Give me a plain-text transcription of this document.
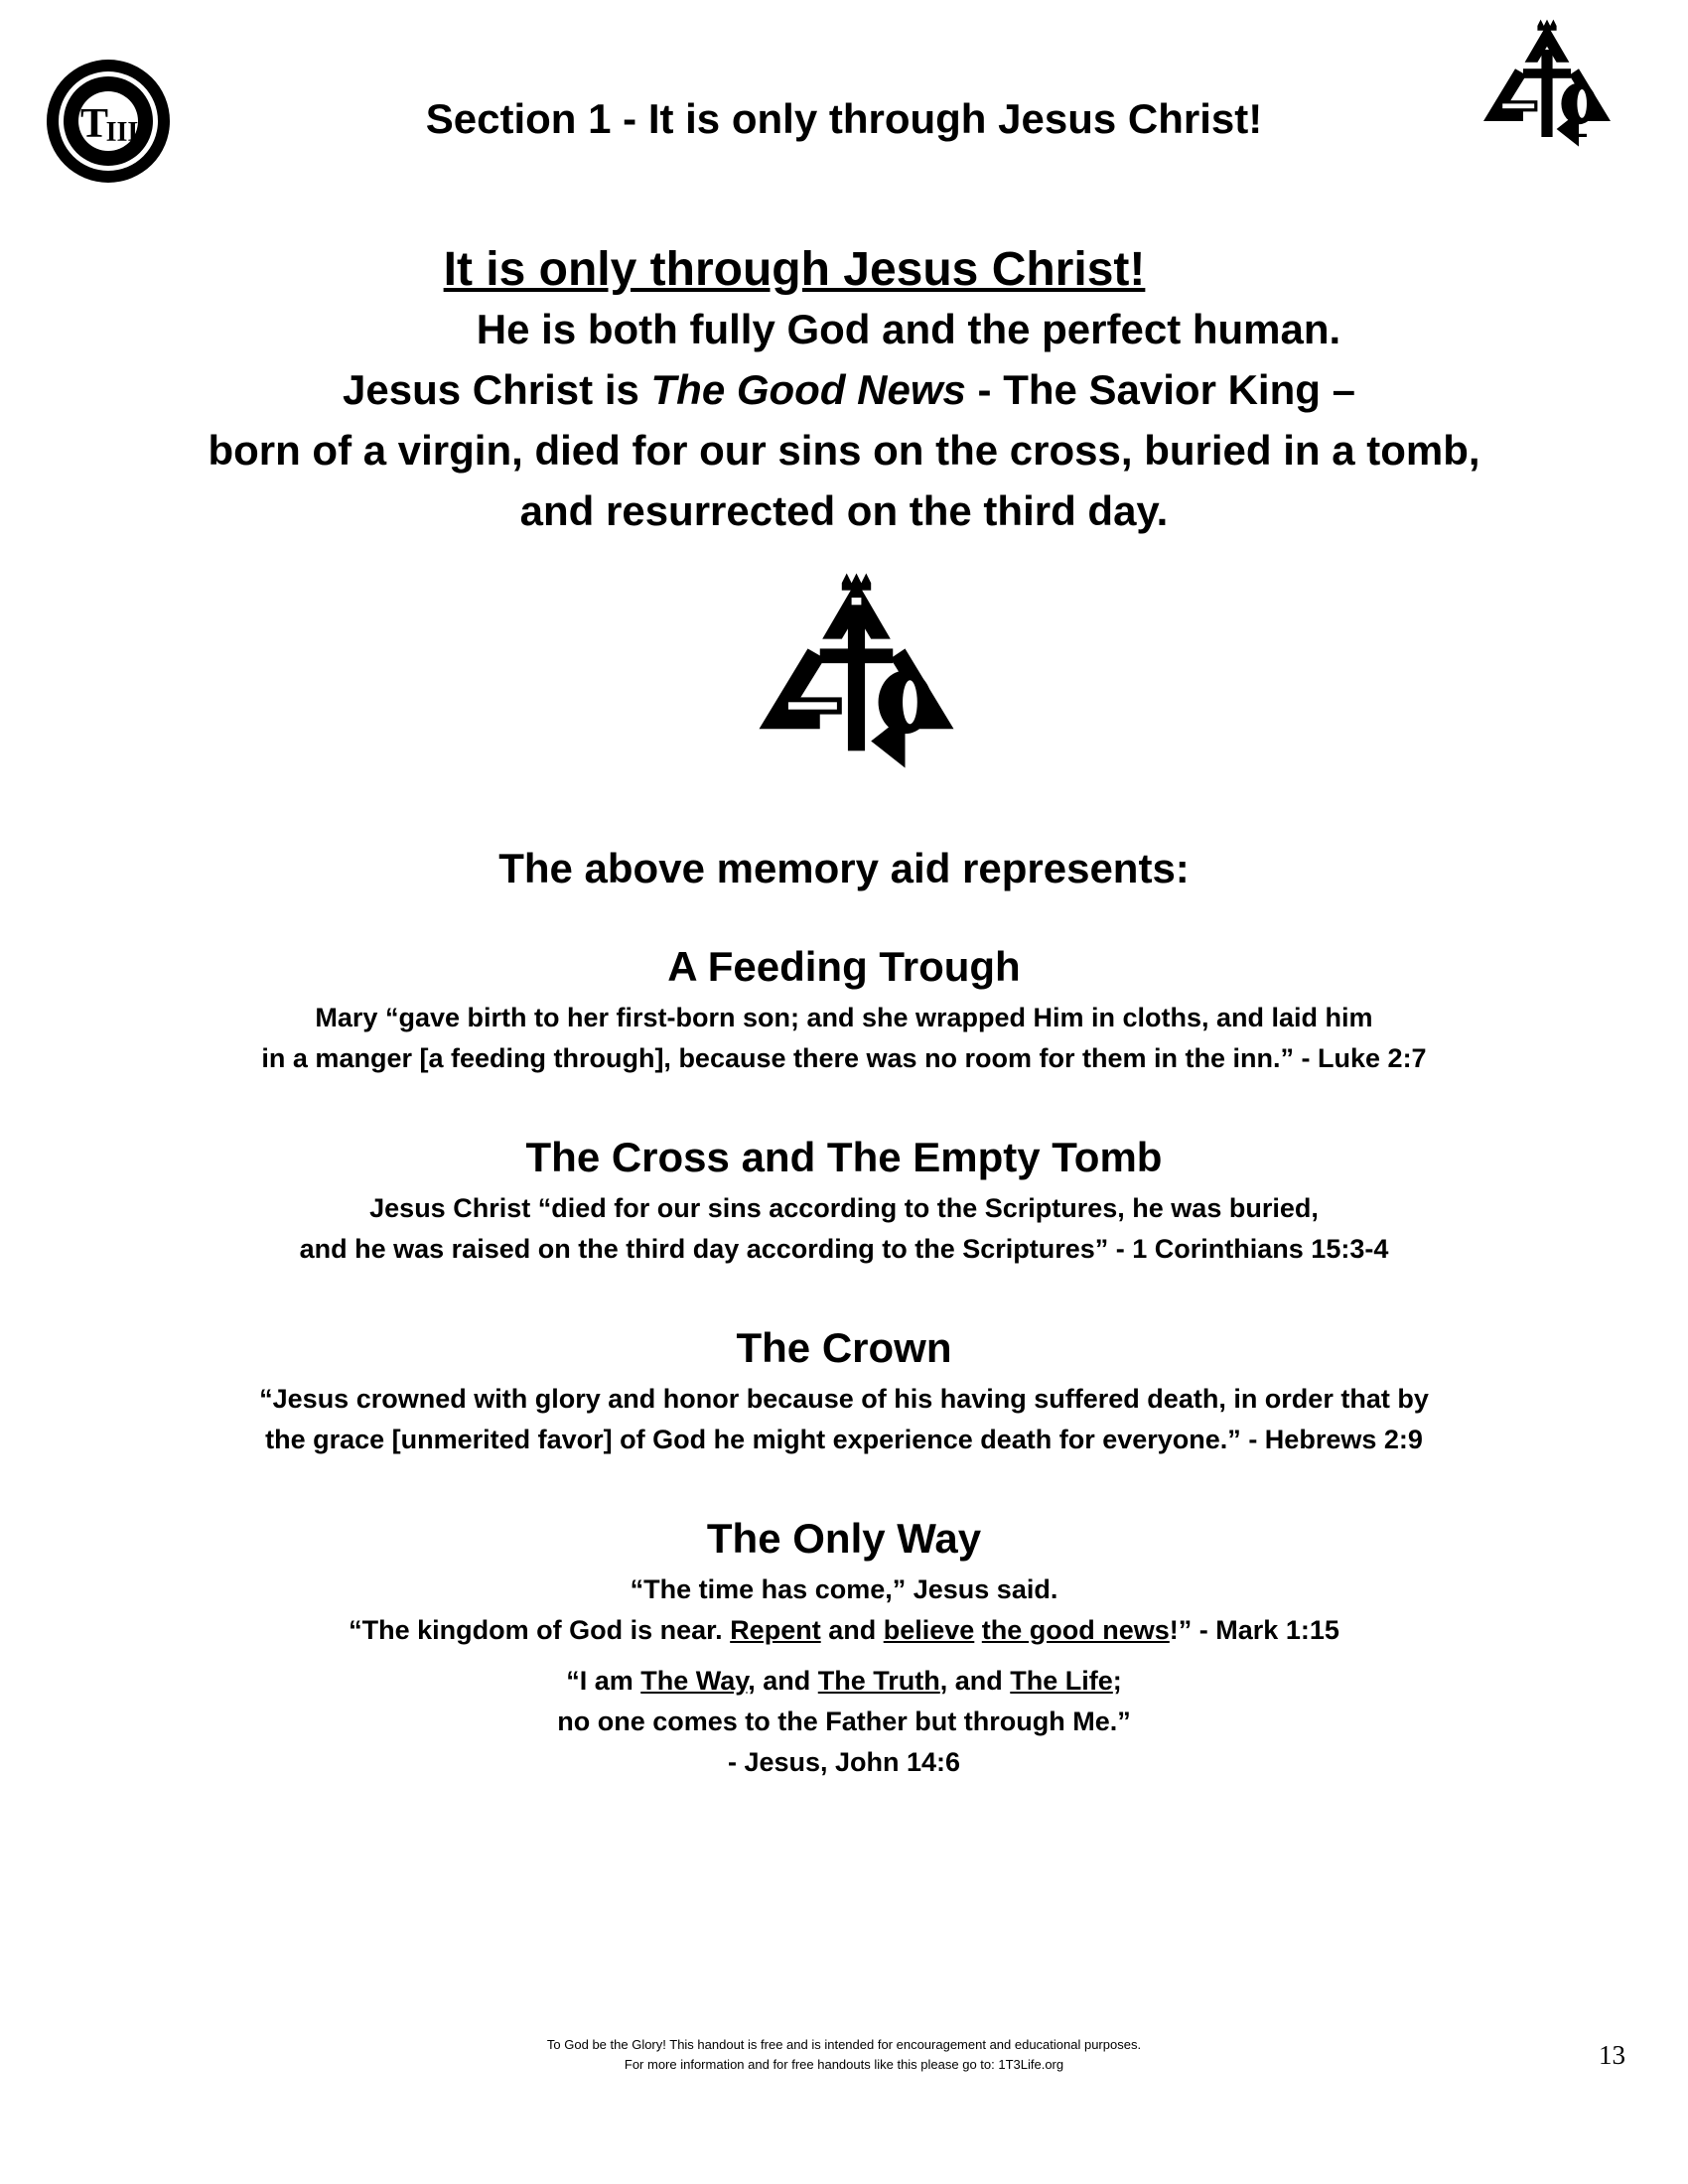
T
ΙΙΙ	Section 1 - It is only through Jesus Christ!
It is only through Jesus Christ!
He is both fully God and the perfect human.
Jesus Christ is The Good News - The Savior King –
born of a virgin, died for our sins on the cross, buried in a tomb,
and resurrected on the third day.
The above memory aid represents:
A Feeding Trough
Mary “gave birth to her first-born son; and she wrapped Him in cloths, and laid him
in a manger [a feeding through], because there was no room for them in the inn.” - Luke 2:7
The Cross and The Empty Tomb
Jesus Christ “died for our sins according to the Scriptures, he was buried,
and he was raised on the third day according to the Scriptures” - 1 Corinthians 15:3-4
The Crown
“Jesus crowned with glory and honor because of his having suffered death, in order that by
the grace [unmerited favor] of God he might experience death for everyone.” - Hebrews 2:9
The Only Way
“The time has come,” Jesus said.
“The kingdom of God is near. Repent and believe the good news!” - Mark 1:15
“I am The Way, and The Truth, and The Life;
no one comes to the Father but through Me.”
- Jesus, John 14:6
To God be the Glory! This handout is free and is intended for encouragement and educational purposes.
For more information and for free handouts like this please go to: 1T3Life.org	13
